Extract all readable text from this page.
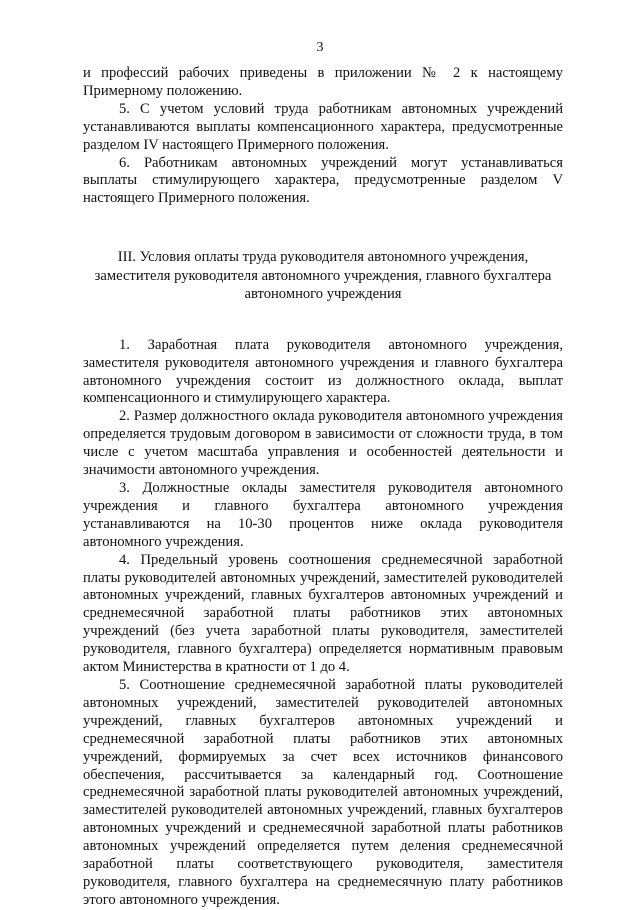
3

и профессий рабочих приведены в приложении № 2 к настоящему Примерному положению.

5. С учетом условий труда работникам автономных учреждений устанавливаются выплаты компенсационного характера, предусмотренные разделом IV настоящего Примерного положения.

6. Работникам автономных учреждений могут устанавливаться выплаты стимулирующего характера, предусмотренные разделом V настоящего Примерного положения.

III. Условия оплаты труда руководителя автономного учреждения,
заместителя руководителя автономного учреждения, главного бухгалтера
автономного учреждения

1. Заработная плата руководителя автономного учреждения, заместителя руководителя автономного учреждения и главного бухгалтера автономного учреждения состоит из должностного оклада, выплат компенсационного и стимулирующего характера.

2. Размер должностного оклада руководителя автономного учреждения определяется трудовым договором в зависимости от сложности труда, в том числе с учетом масштаба управления и особенностей деятельности и значимости автономного учреждения.

3. Должностные оклады заместителя руководителя автономного учреждения и главного бухгалтера автономного учреждения устанавливаются на 10-30 процентов ниже оклада руководителя автономного учреждения.

4. Предельный уровень соотношения среднемесячной заработной платы руководителей автономных учреждений, заместителей руководителей автономных учреждений, главных бухгалтеров автономных учреждений и среднемесячной заработной платы работников этих автономных учреждений (без учета заработной платы руководителя, заместителей руководителя, главного бухгалтера) определяется нормативным правовым актом Министерства в кратности от 1 до 4.

5. Соотношение среднемесячной заработной платы руководителей автономных учреждений, заместителей руководителей автономных учреждений, главных бухгалтеров автономных учреждений и среднемесячной заработной платы работников этих автономных учреждений, формируемых за счет всех источников финансового обеспечения, рассчитывается за календарный год. Соотношение среднемесячной заработной платы руководителей автономных учреждений, заместителей руководителей автономных учреждений, главных бухгалтеров автономных учреждений и среднемесячной заработной платы работников автономных учреждений определяется путем деления среднемесячной заработной платы соответствующего руководителя, заместителя руководителя, главного бухгалтера на среднемесячную плату работников этого автономного учреждения.
